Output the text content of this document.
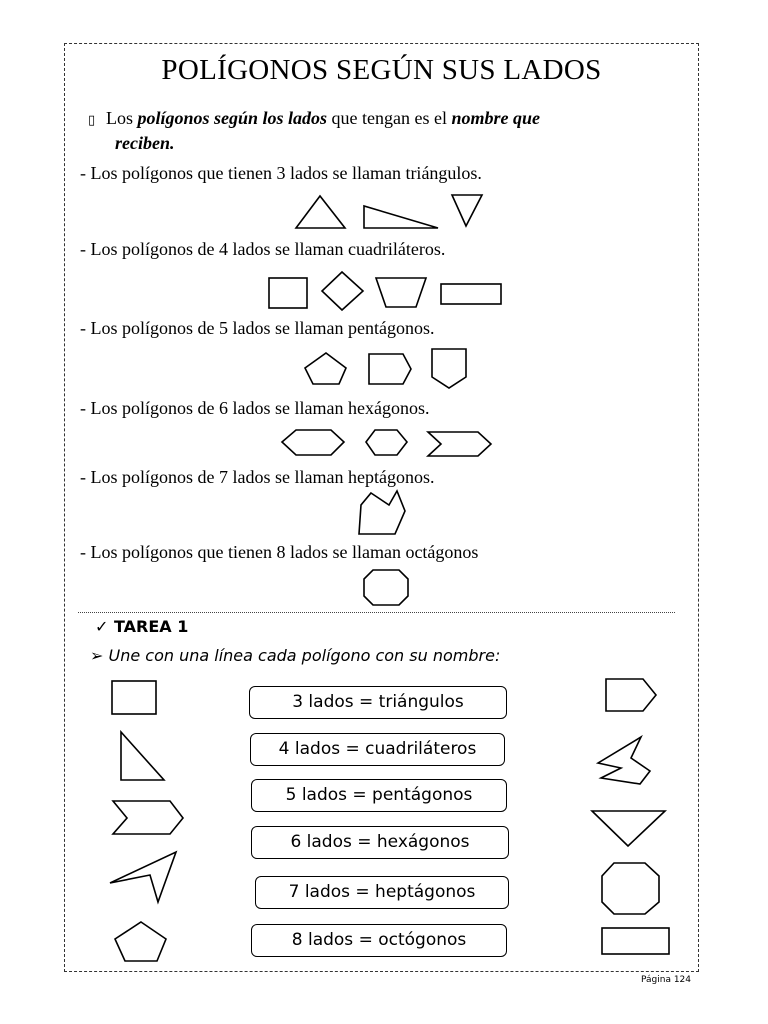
POLÍGONOS SEGÚN SUS LADOS
▯ Los polígonos según los lados que tengan es el nombre que
reciben.
- Los polígonos que tienen 3 lados se llaman triángulos.
- Los polígonos de 4 lados se llaman cuadriláteros.
- Los polígonos de 5 lados se llaman pentágonos.
- Los polígonos de 6 lados se llaman hexágonos.
- Los polígonos de 7 lados se llaman heptágonos.
- Los polígonos que tienen 8 lados se llaman octágonos
✓ TAREA 1
➢ Une con una línea cada polígono con su nombre:
3 lados = triángulos
4 lados = cuadriláteros
5 lados = pentágonos
6 lados = hexágonos
7 lados = heptágonos
8 lados = octógonos
Página 124
